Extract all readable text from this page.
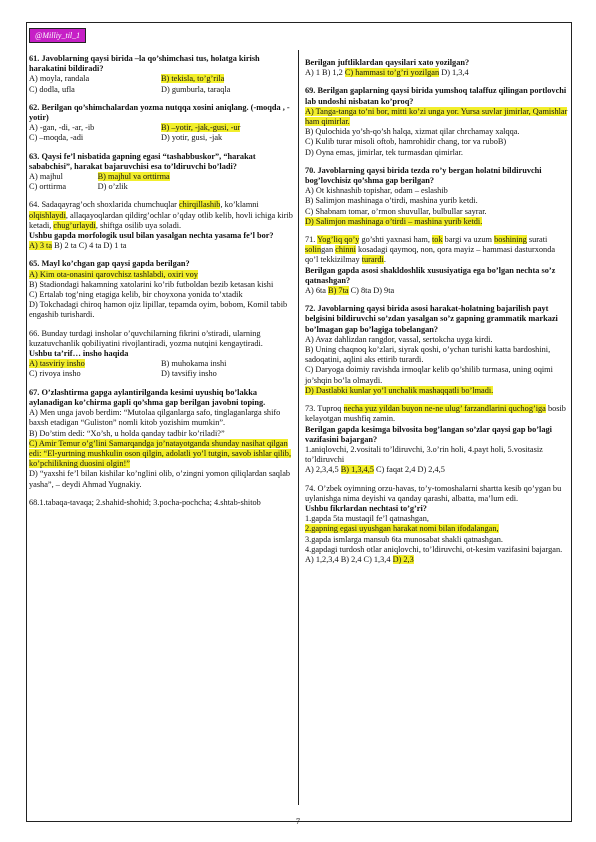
@Milliy_til_1

61. Javoblarning qaysi birida –la qo’shimchasi tus, holatga kirish harakatini bildiradi?

A) moyla, randala	B) tekisla, to’g’rila
C) dodla, ufla	D) gumburla, taraqla

62. Berilgan qo’shimchalardan yozma nutqqa xosini aniqlang. (-moqda , -yotir)

A) -gan, -di, -ar, -ib	B) –yotir, -jak,-gusi, -ur
C) –moqda, -adi	D) yotir, gusi, -jak

63. Qaysi fe’l nisbatida gapning egasi “tashabbuskor”, “harakat sababchisi”, harakat bajaruvchisi esa to’ldiruvchi bo’ladi?

A) majhul	B) majhul va orttirma
C) orttirma	D) o’zlik

64. Sadaqayrag’och shoxlarida chumchuqlar chirqillashib, ko’klamni olqishlaydi, allaqayoqlardan qildirg’ochlar o’qday otlib kelib, hovli ichiga kirib ketadi, chug’urlaydi, shiftga osilib uya soladi.

Ushbu gapda morfologik usul bilan yasalgan nechta yasama fe’l bor?

A) 3 ta B) 2 ta C) 4 ta D) 1 ta

65. Mayl ko’chgan gap qaysi gapda berilgan?

A) Kim ota-onasini qarovchisz tashlabdi, oxiri voy

B) Stadiondagi hakamning xatolarini ko’rib futboldan bezib ketasan kishi

C) Ertalab tog’ning etagiga kelib, bir choyxona yonida to’xtadik

D) Tokchadagi chiroq hamon ojiz lipillar, tepamda oyim, bobom, Komil tabib engashib turishardi.

66. Bunday turdagi insholar o’quvchilarning fikrini o’stiradi, ularning kuzatuvchanlik qobiliyatini rivojlantiradi, yozma nutqini kengaytiradi.

Ushbu ta’rif… insho haqida

A) tasviriy insho	B) muhokama inshi
C) rivoya insho	D) tavsifiy insho

67. O’zlashtirma gapga aylantirilganda kesimi uyushiq bo’lakka aylanadigan ko’chirma gapli qo’shma gap berilgan javobni toping.

A) Men unga javob berdim: “Mutolaa qilganlarga safo, tinglaganlarga shifo baxsh etadigan “Guliston” nomli kitob yozishim mumkin”.

B) Do’stim dedi: “Xo’sh, u holda qanday tadbir ko’riladi?”

C) Amir Temur o’g’lini Samarqandga jo’natayotganda shunday nasihat qilgan edi: “El-yurtning mushkulin oson qilgin, adolatli yo’l tutgin, savob ishlar qilib, ko’pchilikning duosini olgin!”

D) “yaxshi fe’l bilan kishilar ko’nglini olib, o’zingni yomon qiliqlardan saqlab yasha”, – deydi Ahmad Yugnakiy.

68.1.tabaqa-tavaqa; 2.shahid-shohid; 3.pocha-pochcha; 4.shtab-shitob

Berilgan juftliklardan qaysilari xato yozilgan?

A) 1 B) 1,2 C) hammasi to’g’ri yozilgan D) 1,3,4

69. Berilgan gaplarning qaysi birida yumshoq talaffuz qilingan portlovchi lab undoshi nisbatan ko’proq?

A) Tanga-tanga to’ni bor, mitti ko’zi unga yor. Yursa suvlar jimirlar, Qamishlar ham qimirlar.

B) Qulochida yo’sh-qo’sh halqa, xizmat qilar chrchamay xalqqa.

C) Kulib turar misoli oftob, hamrohidir chang, tor va ruboB)

D) Oyna emas, jimirlar, tek turmasdan qimirlar.

70. Javoblarning qaysi birida tezda ro’y bergan holatni bildiruvchi bog’lovchisiz qo’shma gap berilgan?

A) Ot kishnashib topishar, odam – eslashib

B) Salimjon mashinaga o’tirdi, mashina yurib ketdi.

C) Shabnam tomar, o’rmon shuvullar, bulbullar sayrar.

D) Salimjon mashinaga o’tirdi – mashina yurib ketdi.

71. Yog’liq qo’y go’shti yaxnasi ham, tok bargi va uzum boshining surati solingan chinni kosadagi qaymoq, non, qora mayiz – hammasi dasturxonda qo’l tekkizilmay turardi.

Berilgan gapda asosi shakldoshlik xususiyatiga ega bo’lgan nechta so’z qatnashgan?

A) 6ta B) 7ta C) 8ta D) 9ta

72. Javoblarning qaysi birida asosi harakat-holatning bajarilish payt belgisini bildiruvchi so’zdan yasalgan so’z gapning grammatik markazi bo’lmagan gap bo’lagiga tobelangan?

A) Avaz dahlizdan rangdor, vassal, sertokcha uyga kirdi.

B) Uning chaqnoq ko’zlari, siyrak qoshi, o’ychan turishi katta bardoshini, sadoqatini, aqlini aks ettirib turardi.

C) Daryoga doimiy ravishda irmoqlar kelib qo’shilib turmasa, uning oqimi jo’shqin bo’la olmaydi.

D) Dastlabki kunlar yo’l unchalik mashaqqatli bo’lmadi.

73. Tuproq necha yuz yildan buyon ne-ne ulug’ farzandlarini quchog’iga bosib kelayotgan mushfiq zamin.

Berilgan gapda kesimga bilvosita bog’langan so’zlar qaysi gap bo’lagi vazifasini bajargan?

1.aniqlovchi, 2.vositali to’ldiruvchi, 3.o’rin holi, 4.payt holi, 5.vositasiz to’ldiruvchi

A) 2,3,4,5 B) 1,3,4,5 C) faqat 2,4 D) 2,4,5

74. O’zbek oyimning orzu-havas, to’y-tomoshalarni shartta kesib qo’ygan bu uylanishga nima deyishi va qanday qarashi, albatta, ma’lum edi.

Ushbu fikrlardan nechtasi to’g’ri?

1.gapda 5ta mustaqil fe’l qatnashgan,

2.gapning egasi uyushgan harakat nomi bilan ifodalangan,

3.gapda ismlarga mansub 6ta munosabat shakli qatnashgan.

4.gapdagi turdosh otlar aniqlovchi, to’ldiruvchi, ot-kesim vazifasini bajargan.

A) 1,2,3,4 B) 2,4 C) 1,3,4 D) 2,3

7
